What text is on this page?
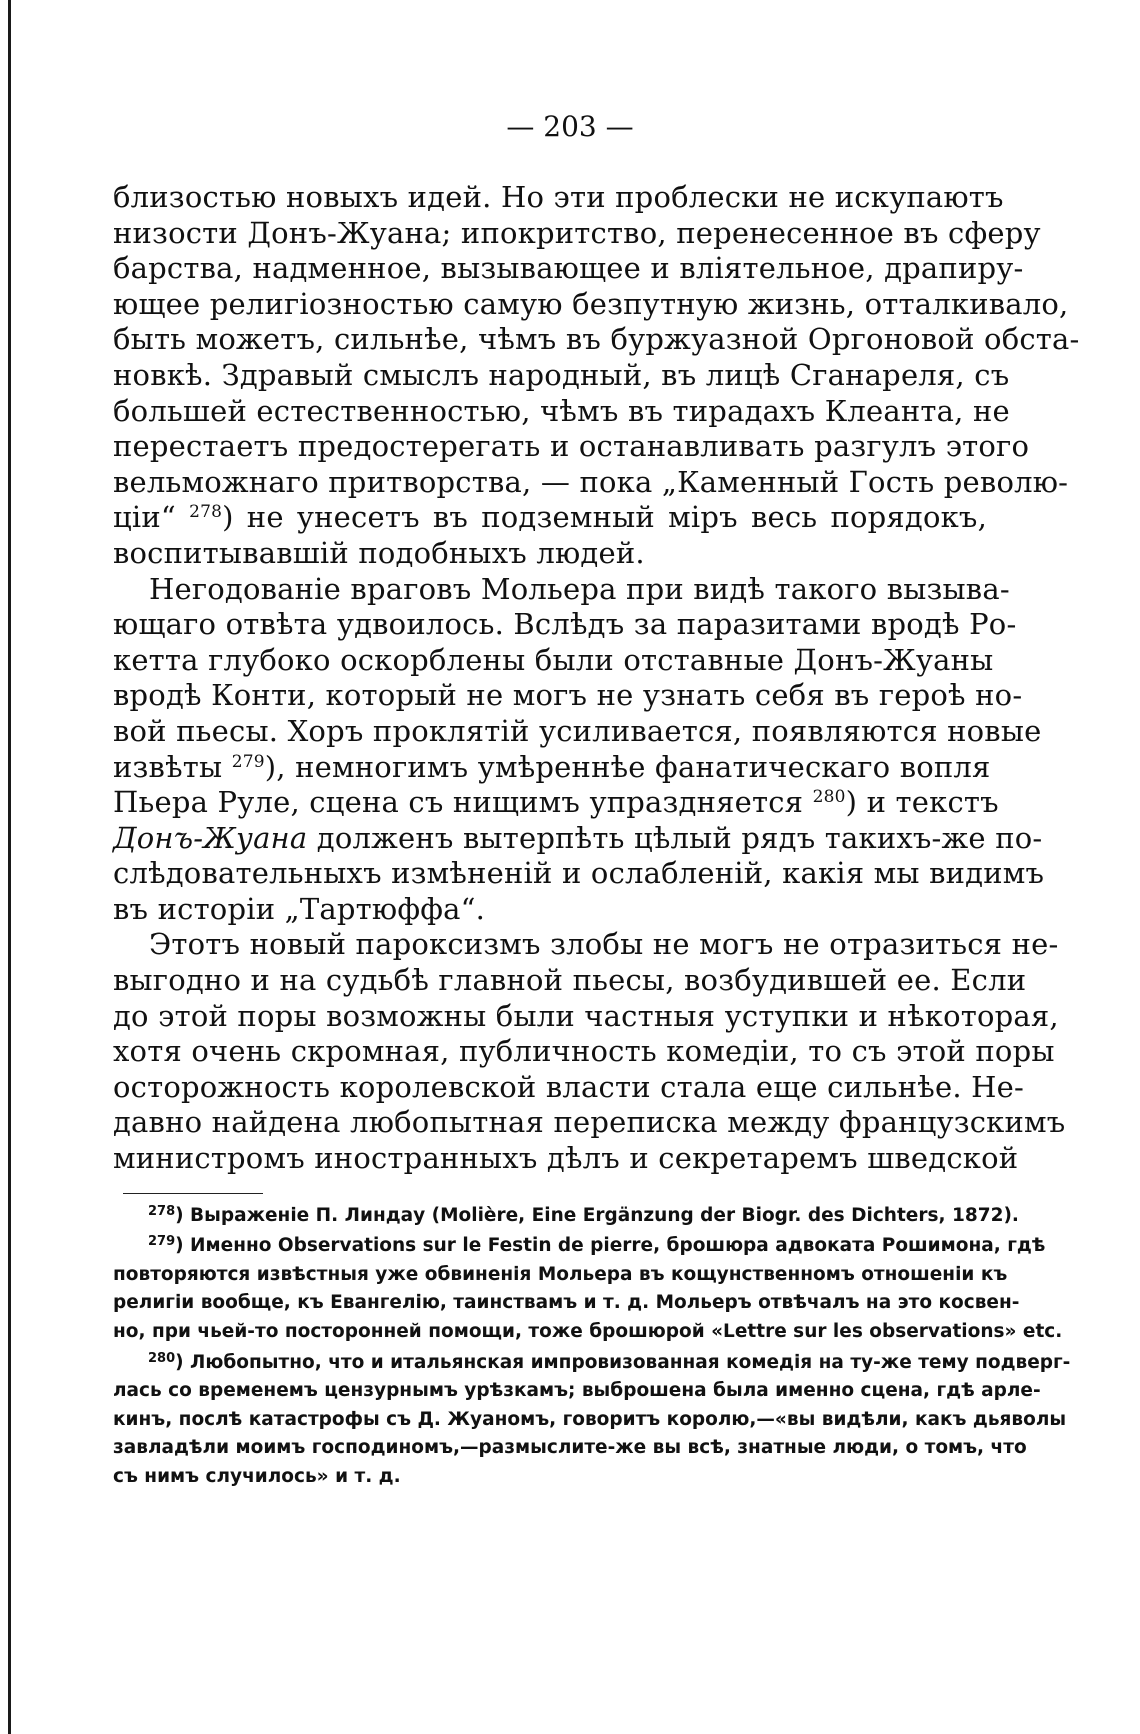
— 203 —

близостью новыхъ идей. Но эти проблески не искупаютъ
низости Донъ-Жуана; ипокритство, перенесенное въ сферу
барства, надменное, вызывающее и вліятельное, драпиру-
ющее религіозностью самую безпутную жизнь, отталкивало,
быть можетъ, сильнѣе, чѣмъ въ буржуазной Оргоновой обста-
новкѣ. Здравый смыслъ народный, въ лицѣ Сганареля, съ
большей естественностью, чѣмъ въ тирадахъ Клеанта, не
перестаетъ предостерегать и останавливать разгулъ этого
вельможнаго притворства, — пока „Каменный Гость револю-
ціи“ $^{278}$) не унесетъ въ подземный міръ весь порядокъ,
воспитывавшій подобныхъ людей.

Негодованіе враговъ Мольера при видѣ такого вызыва-
ющаго отвѣта удвоилось. Вслѣдъ за паразитами вродѣ Ро-
кетта глубоко оскорблены были отставные Донъ-Жуаны
вродѣ Конти, который не могъ не узнать себя въ героѣ но-
вой пьесы. Хоръ проклятій усиливается, появляются новые
извѣты $^{279}$), немногимъ умѣреннѣе фанатическаго вопля
Пьера Руле, сцена съ нищимъ упраздняется $^{280}$) и текстъ
Донъ-Жуана долженъ вытерпѣть цѣлый рядъ такихъ-же по-
слѣдовательныхъ измѣненій и ослабленій, какія мы видимъ
въ исторіи „Тартюффа“.

Этотъ новый пароксизмъ злобы не могъ не отразиться не-
выгодно и на судьбѣ главной пьесы, возбудившей ее. Если
до этой поры возможны были частныя уступки и нѣкоторая,
хотя очень скромная, публичность комедіи, то съ этой поры
осторожность королевской власти стала еще сильнѣе. Не-
давно найдена любопытная переписка между французскимъ
министромъ иностранныхъ дѣлъ и секретаремъ шведской

$^{278}$) Выраженіе П. Линдау (Molière, Eine Ergänzung der Biogr. des Dichters, 1872).
$^{279}$) Именно Observations sur le Festin de pierre, брошюра адвоката Рошимона, гдѣ
повторяются извѣстныя уже обвиненія Мольера въ кощунственномъ отношеніи къ
религіи вообще, къ Евангелію, таинствамъ и т. д. Мольеръ отвѣчалъ на это косвен-
но, при чьей-то посторонней помощи, тоже брошюрой «Lettre sur les observations» etc.
$^{280}$) Любопытно, что и итальянская импровизованная комедія на ту-же тему подверг-
лась со временемъ цензурнымъ урѣзкамъ; выброшена была именно сцена, гдѣ арле-
кинъ, послѣ катастрофы съ Д. Жуаномъ, говоритъ королю,—«вы видѣли, какъ дьяволы
завладѣли моимъ господиномъ,—размыслите-же вы всѣ, знатные люди, о томъ, что
съ нимъ случилось» и т. д.
